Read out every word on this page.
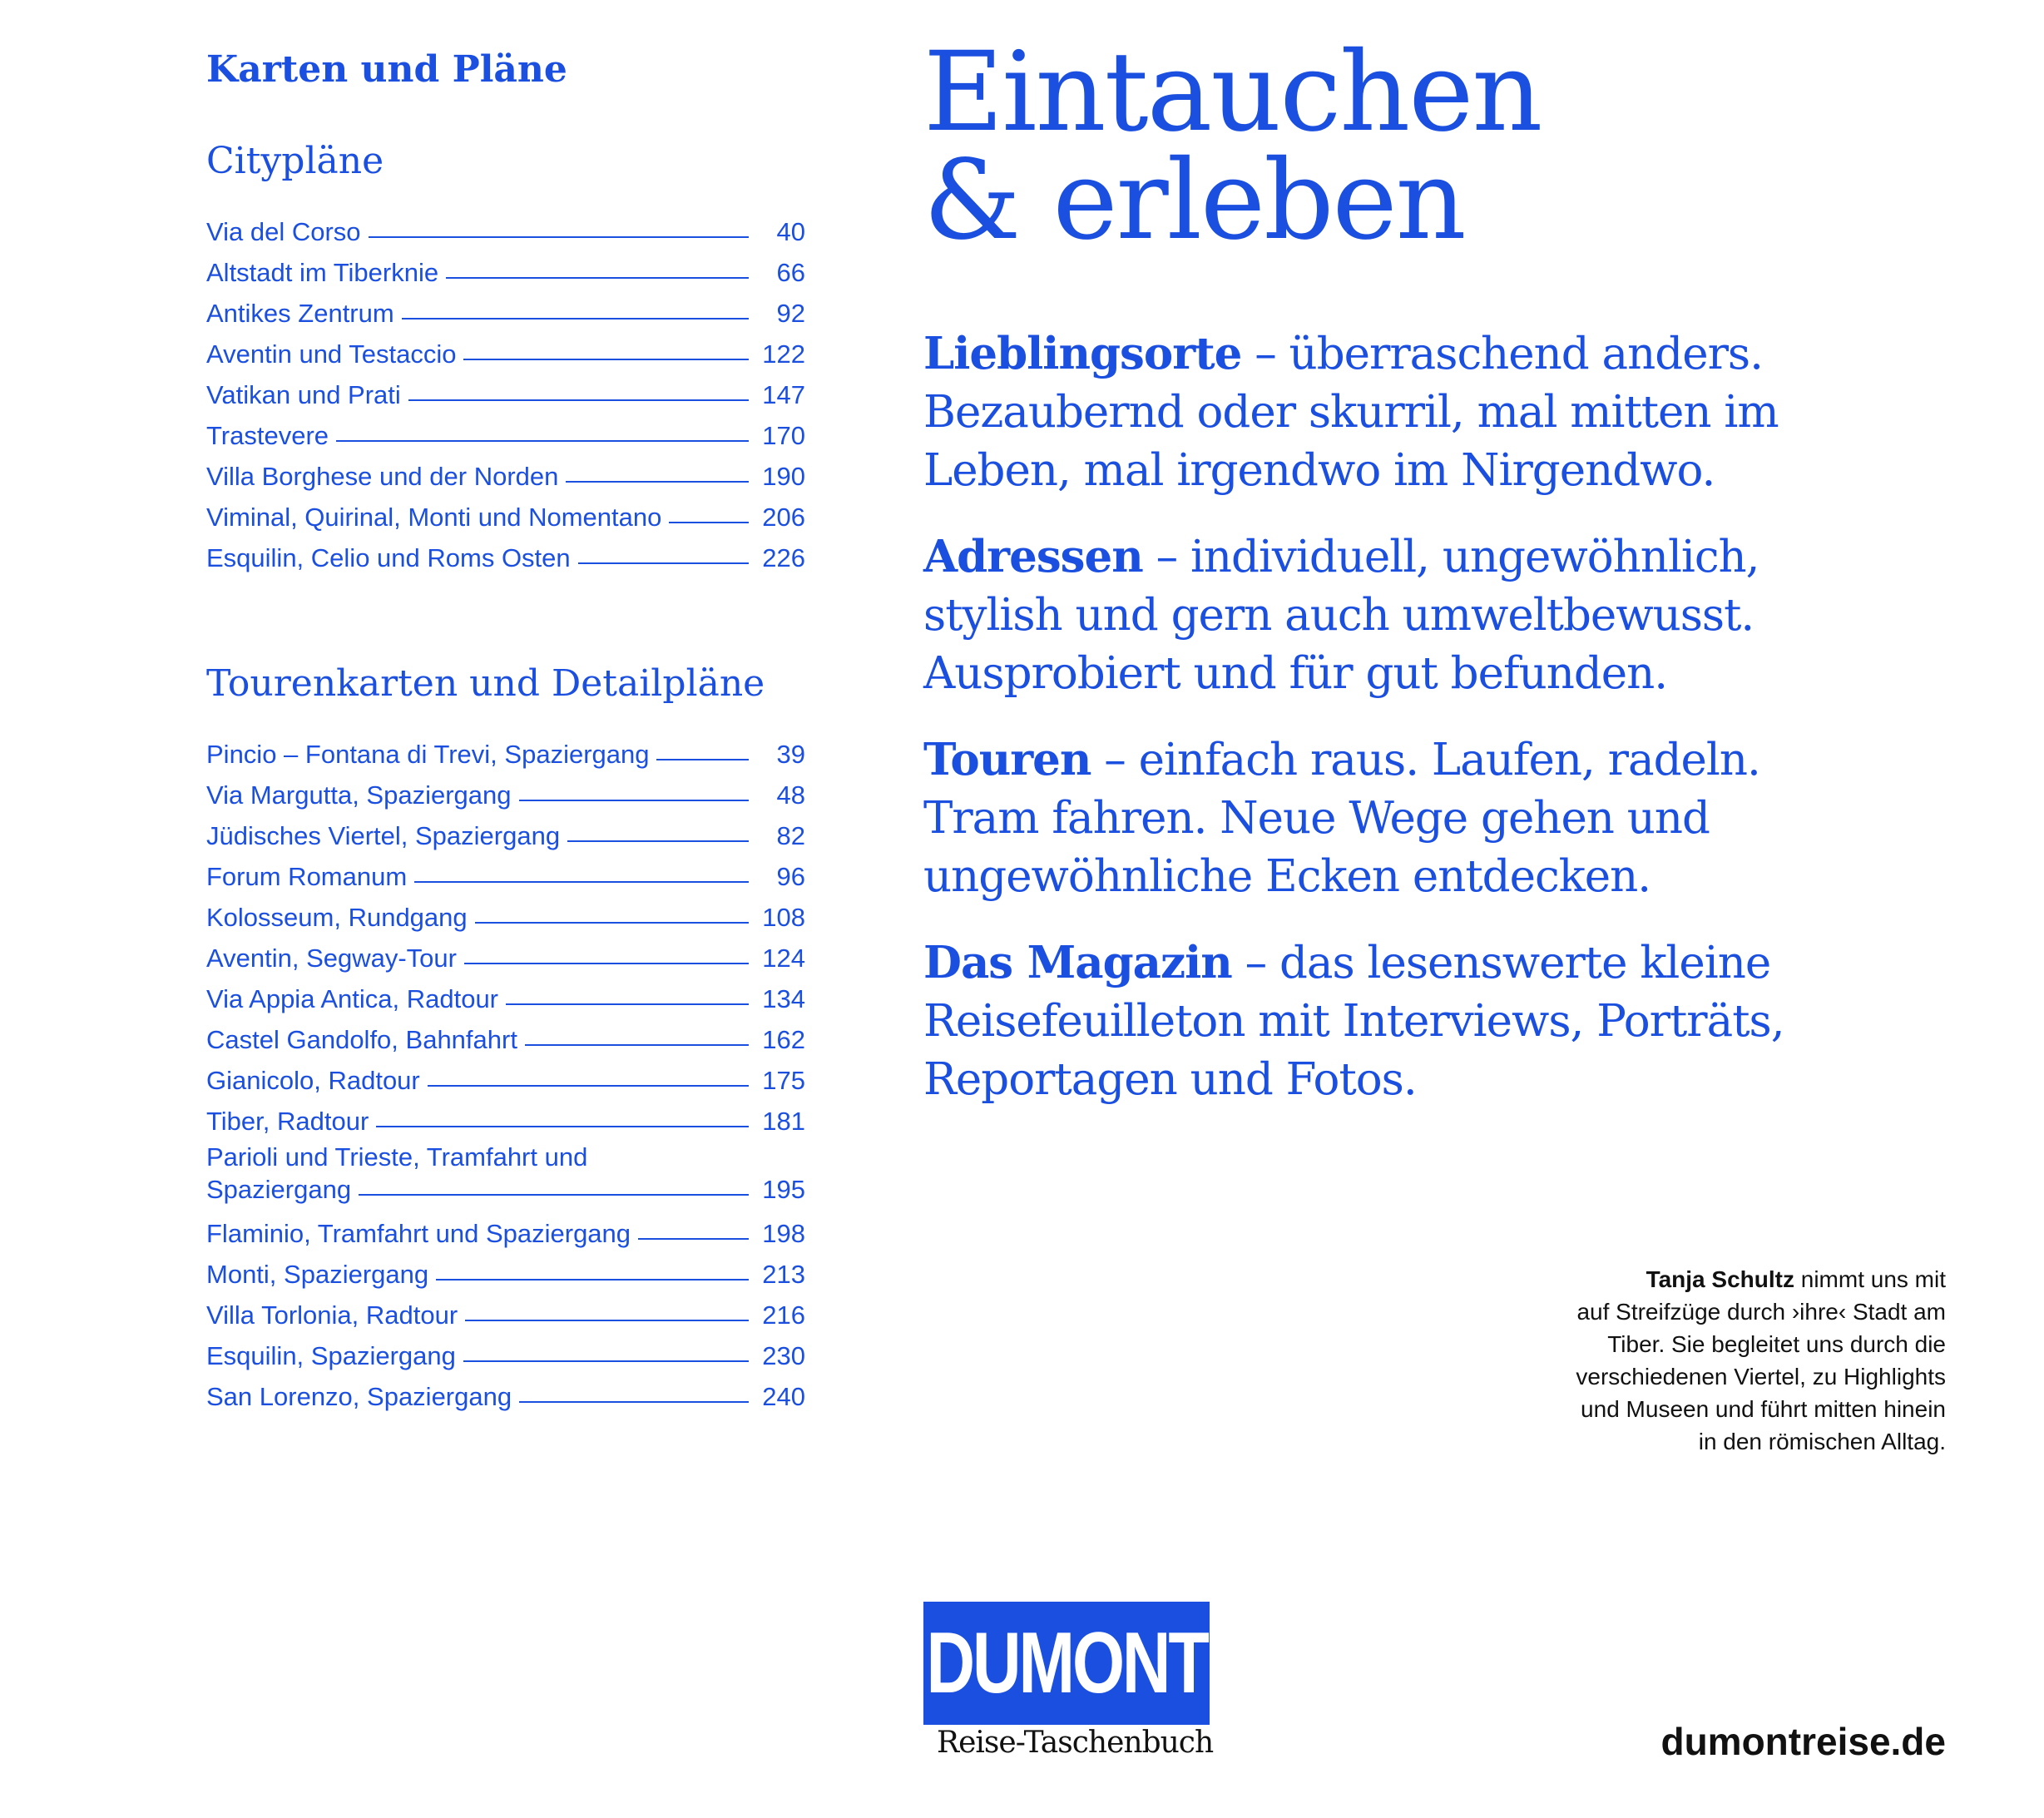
Karten und Pläne
Citypläne
Via del Corso	40
Altstadt im Tiberknie	66
Antikes Zentrum	92
Aventin und Testaccio	122
Vatikan und Prati	147
Trastevere	170
Villa Borghese und der Norden	190
Viminal, Quirinal, Monti und Nomentano	206
Esquilin, Celio und Roms Osten	226
Tourenkarten und Detailpläne
Pincio – Fontana di Trevi, Spaziergang	39
Via Margutta, Spaziergang	48
Jüdisches Viertel, Spaziergang	82
Forum Romanum	96
Kolosseum, Rundgang	108
Aventin, Segway-Tour	124
Via Appia Antica, Radtour	134
Castel Gandolfo, Bahnfahrt	162
Gianicolo, Radtour	175
Tiber, Radtour	181
Parioli und Trieste, Tramfahrt und
Spaziergang	195
Flaminio, Tramfahrt und Spaziergang	198
Monti, Spaziergang	213
Villa Torlonia, Radtour	216
Esquilin, Spaziergang	230
San Lorenzo, Spaziergang	240
Eintauchen
& erleben
Lieblingsorte – überraschend anders.
Bezaubernd oder skurril, mal mitten im
Leben, mal irgendwo im Nirgendwo.
Adressen – individuell, ungewöhnlich,
stylish und gern auch umweltbewusst.
Ausprobiert und für gut befunden.
Touren – einfach raus. Laufen, radeln.
Tram fahren. Neue Wege gehen und
ungewöhnliche Ecken entdecken.
Das Magazin – das lesenswerte kleine
Reisefeuilleton mit Interviews, Porträts,
Reportagen und Fotos.
Tanja Schultz nimmt uns mit
auf Streifzüge durch ›ihre‹ Stadt am
Tiber. Sie begleitet uns durch die
verschiedenen Viertel, zu Highlights
und Museen und führt mitten hinein
in den römischen Alltag.
DUMONT
Reise-Taschenbuch	dumontreise.de
